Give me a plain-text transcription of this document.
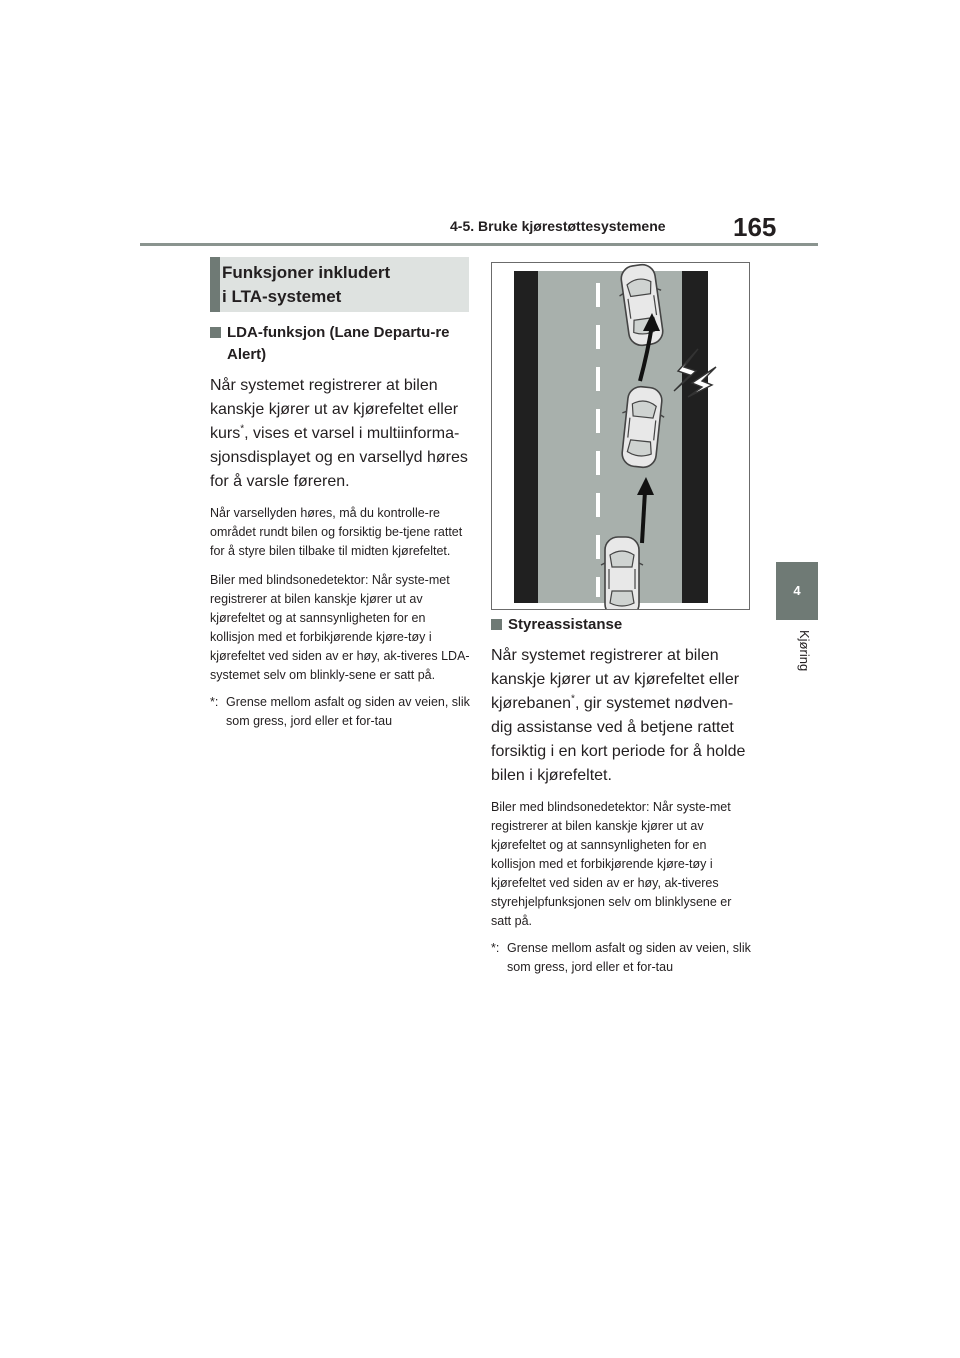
4-5. Bruke kjørestøttesystemene	165
4
Kjøring
Funksjoner inkludert
i LTA-systemet
LDA-funksjon (Lane Departu-re Alert)
Når systemet registrerer at bilen kanskje kjører ut av kjørefeltet eller kurs*, vises et varsel i multiinforma-sjonsdisplayet og en varsellyd høres for å varsle føreren.
Når varsellyden høres, må du kontrolle-re området rundt bilen og forsiktig be-tjene rattet for å styre bilen tilbake til midten kjørefeltet.
Biler med blindsonedetektor: Når syste-met registrerer at bilen kanskje kjører ut av kjørefeltet og at sannsynligheten for en kollisjon med et forbikjørende kjøre-tøy i kjørefeltet ved siden av er høy, ak-tiveres LDA-systemet selv om blinkly-sene er satt på.
*: Grense mellom asfalt og siden av veien, slik som gress, jord eller et for-tau
Styreassistanse
Når systemet registrerer at bilen kanskje kjører ut av kjørefeltet eller kjørebanen*, gir systemet nødven-dig assistanse ved å betjene rattet forsiktig i en kort periode for å holde bilen i kjørefeltet.
Biler med blindsonedetektor: Når syste-met registrerer at bilen kanskje kjører ut av kjørefeltet og at sannsynligheten for en kollisjon med et forbikjørende kjøre-tøy i kjørefeltet ved siden av er høy, ak-tiveres styrehjelpfunksjonen selv om blinklysene er satt på.
*: Grense mellom asfalt og siden av veien, slik som gress, jord eller et for-tau
